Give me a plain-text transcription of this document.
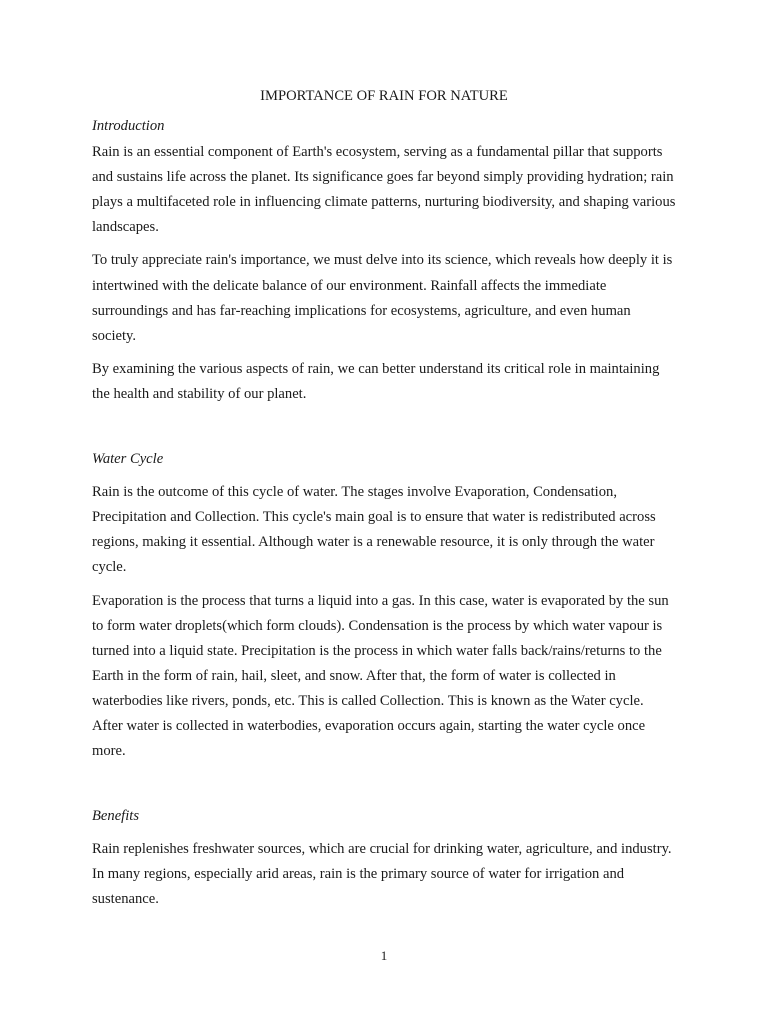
IMPORTANCE OF RAIN FOR NATURE

Introduction

Rain is an essential component of Earth's ecosystem, serving as a fundamental pillar that supports and sustains life across the planet. Its significance goes far beyond simply providing hydration; rain plays a multifaceted role in influencing climate patterns, nurturing biodiversity, and shaping various landscapes.

To truly appreciate rain's importance, we must delve into its science, which reveals how deeply it is intertwined with the delicate balance of our environment. Rainfall affects the immediate surroundings and has far-reaching implications for ecosystems, agriculture, and even human society.

By examining the various aspects of rain, we can better understand its critical role in maintaining the health and stability of our planet.

Water Cycle

Rain is the outcome of this cycle of water. The stages involve Evaporation, Condensation, Precipitation and Collection. This cycle's main goal is to ensure that water is redistributed across regions, making it essential. Although water is a renewable resource, it is only through the water cycle.

Evaporation is the process that turns a liquid into a gas. In this case, water is evaporated by the sun to form water droplets(which form clouds). Condensation is the process by which water vapour is turned into a liquid state. Precipitation is the process in which water falls back/rains/returns to the Earth in the form of rain, hail, sleet, and snow. After that, the form of water is collected in waterbodies like rivers, ponds, etc. This is called Collection. This is known as the Water cycle. After water is collected in waterbodies, evaporation occurs again, starting the water cycle once more.

Benefits

Rain replenishes freshwater sources, which are crucial for drinking water, agriculture, and industry. In many regions, especially arid areas, rain is the primary source of water for irrigation and sustenance.

1
